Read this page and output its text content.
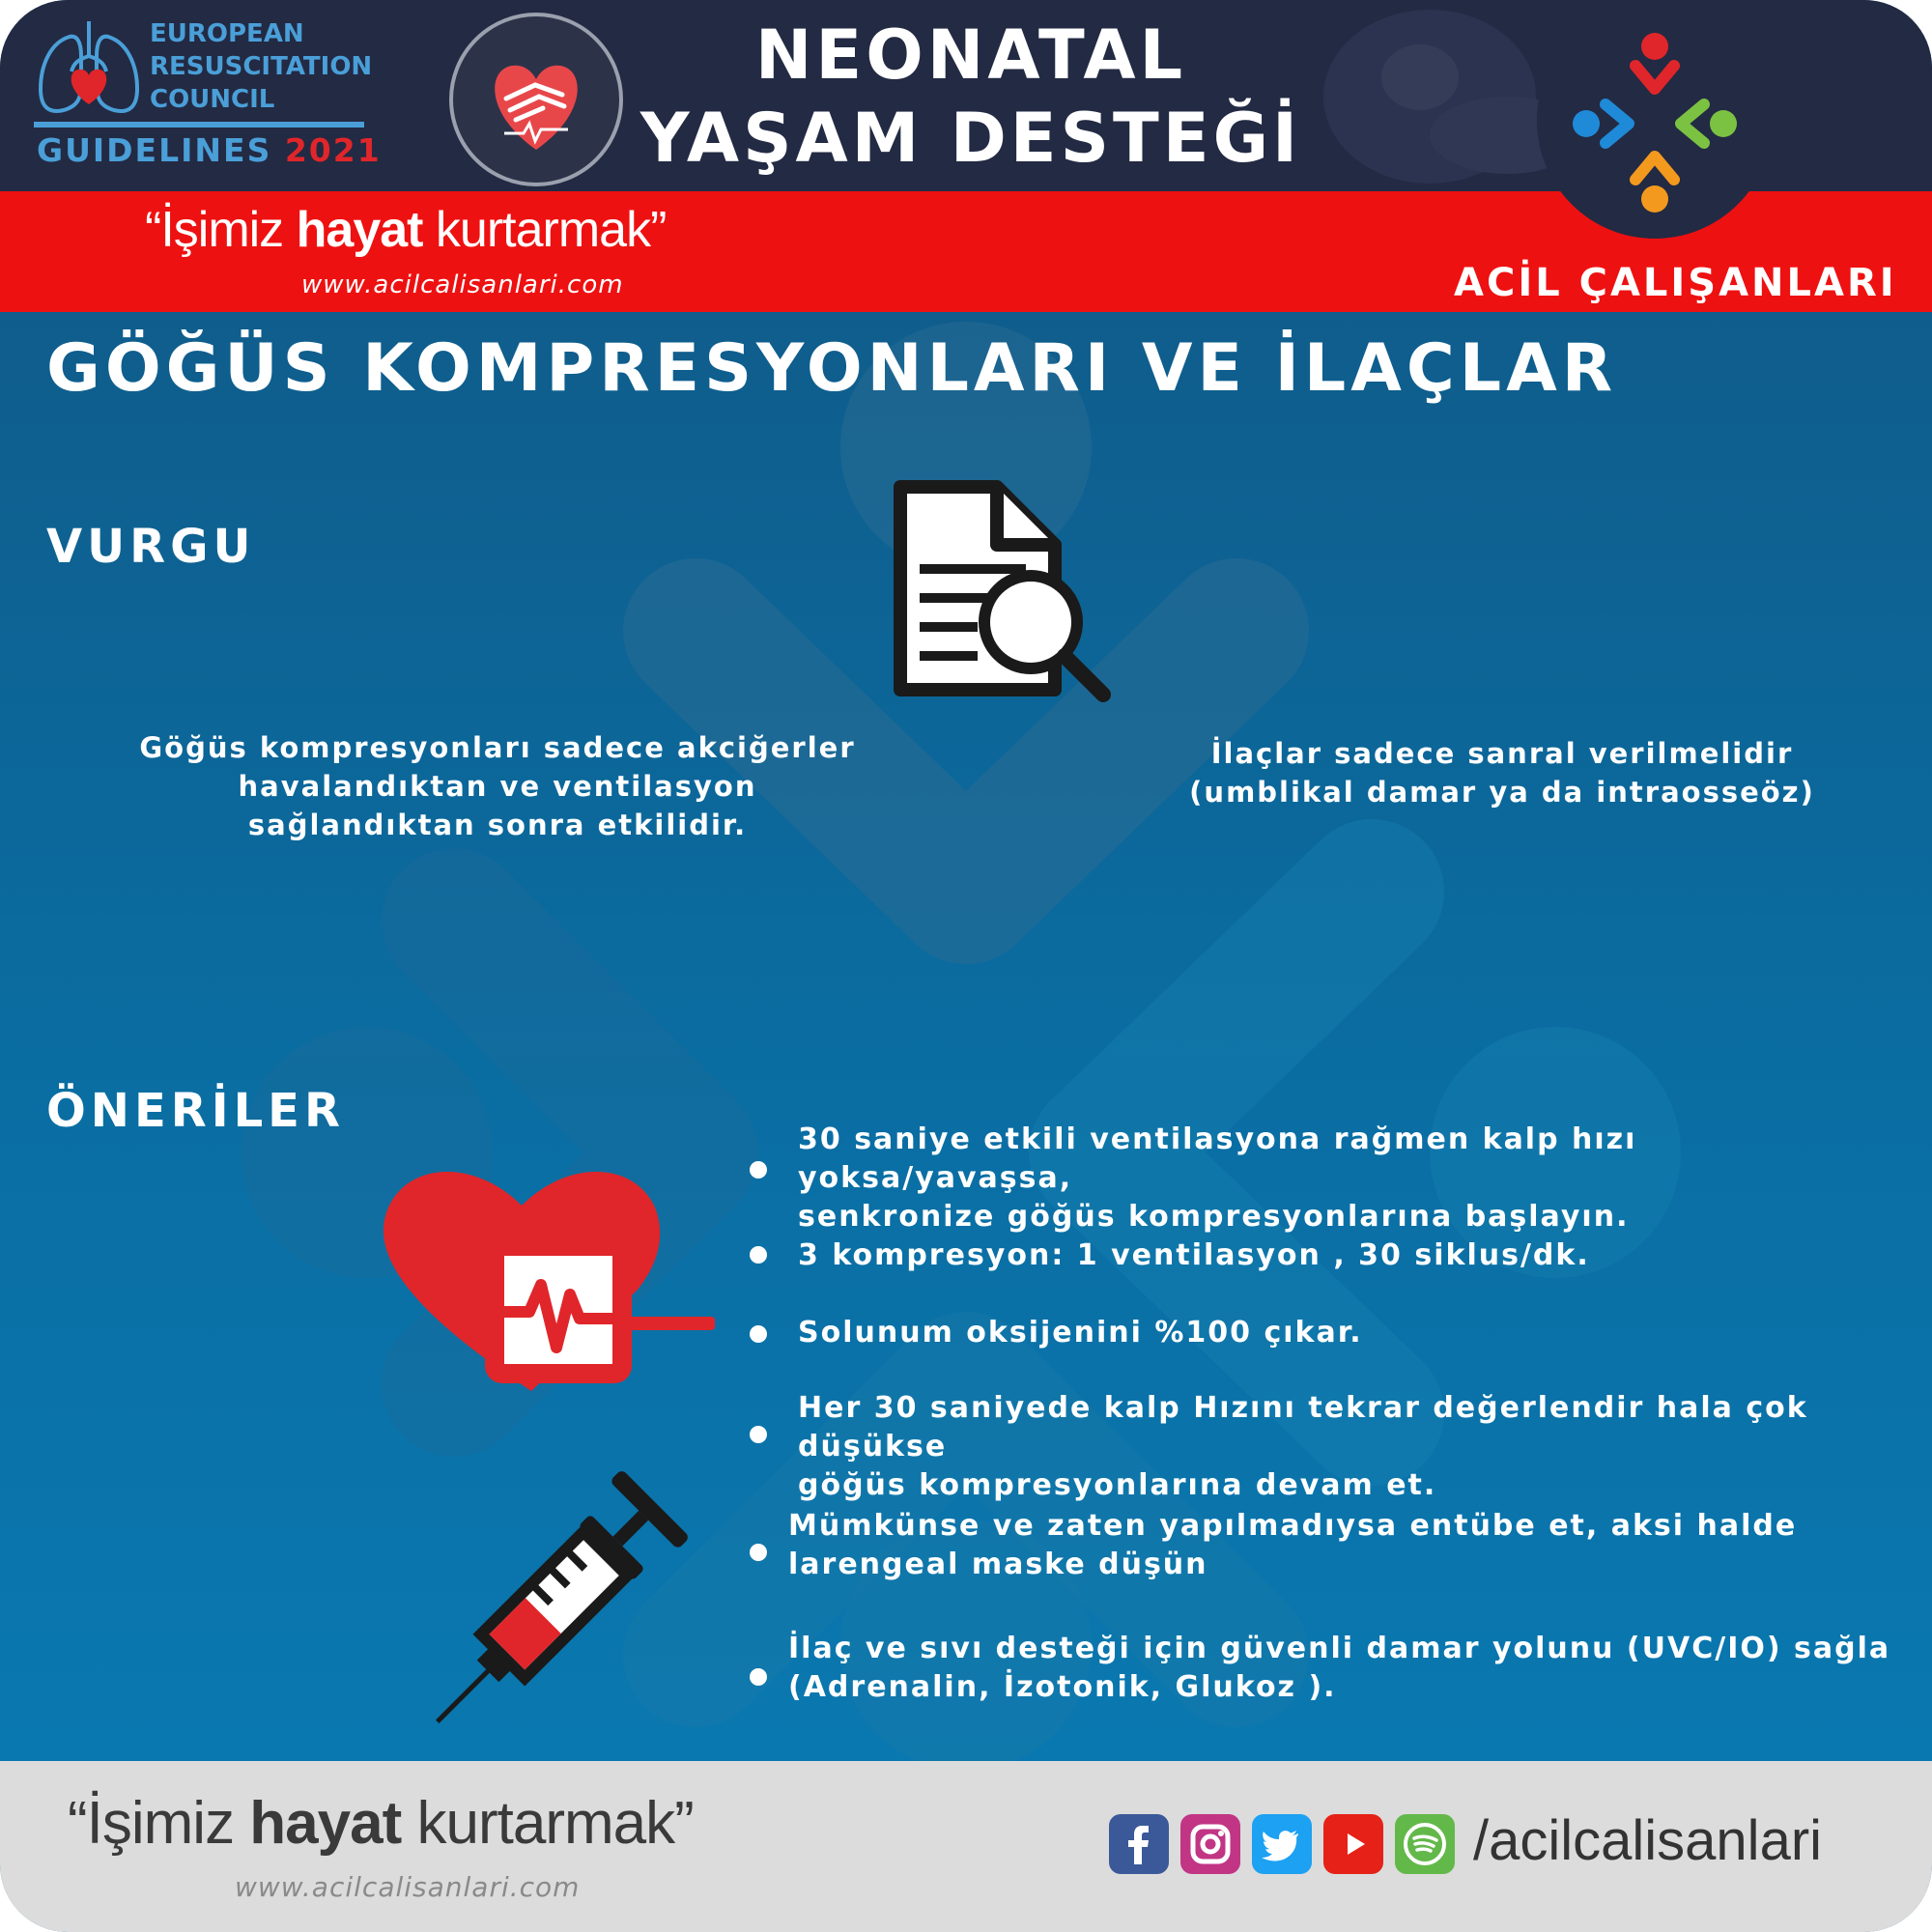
EUROPEAN
RESUSCITATION
COUNCIL
GUIDELINES 2021
NEONATAL
YAŞAM DESTEĞİ
“İşimiz hayat kurtarmak”
www.acilcalisanlari.com	ACİL ÇALIŞANLARI
GÖĞÜS KOMPRESYONLARI VE İLAÇLAR
VURGU
Göğüs kompresyonları sadece akciğerler
havalandıktan ve ventilasyon
sağlandıktan sonra etkilidir.
İlaçlar sadece sanral verilmelidir
(umblikal damar ya da intraosseöz)
ÖNERİLER
30 saniye etkili ventilasyona rağmen kalp hızı yoksa/yavaşsa,
senkronize göğüs kompresyonlarına başlayın.
3 kompresyon: 1 ventilasyon , 30 siklus/dk.
Solunum oksijenini %100 çıkar.
Her 30 saniyede kalp Hızını tekrar değerlendir hala çok düşükse
göğüs kompresyonlarına devam et.
Mümkünse ve zaten yapılmadıysa entübe et, aksi halde
larengeal maske düşün
İlaç ve sıvı desteği için güvenli damar yolunu (UVC/IO) sağla
(Adrenalin, İzotonik, Glukoz ).
“İşimiz hayat kurtarmak”
www.acilcalisanlari.com
/acilcalisanlari
